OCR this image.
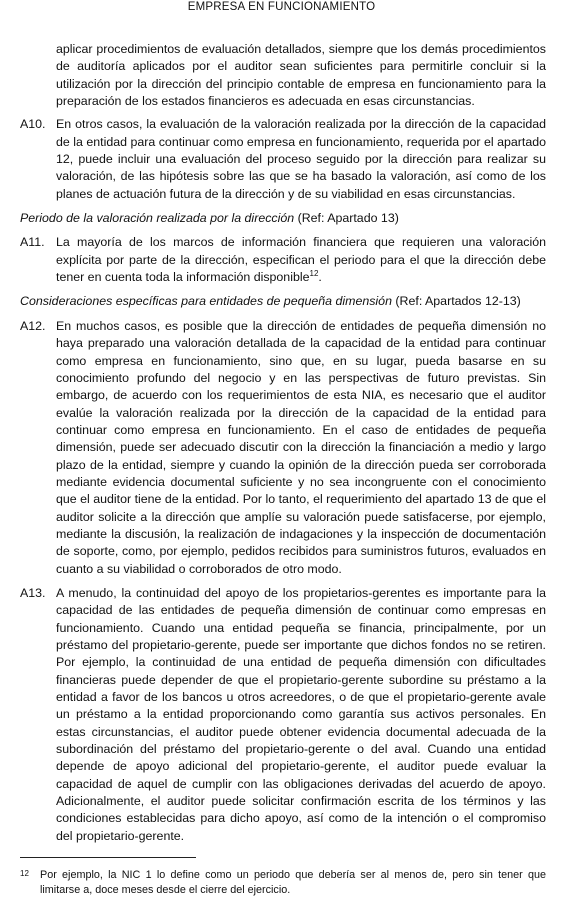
EMPRESA EN FUNCIONAMIENTO

aplicar procedimientos de evaluación detallados, siempre que los demás procedimientos de auditoría aplicados por el auditor sean suficientes para permitirle concluir si la utilización por la dirección del principio contable de empresa en funcionamiento para la preparación de los estados financieros es adecuada en esas circunstancias.

A10. En otros casos, la evaluación de la valoración realizada por la dirección de la capacidad de la entidad para continuar como empresa en funcionamiento, requerida por el apartado 12, puede incluir una evaluación del proceso seguido por la dirección para realizar su valoración, de las hipótesis sobre las que se ha basado la valoración, así como de los planes de actuación futura de la dirección y de su viabilidad en esas circunstancias.
Periodo de la valoración realizada por la dirección (Ref: Apartado 13)
A11. La mayoría de los marcos de información financiera que requieren una valoración explícita por parte de la dirección, especifican el periodo para el que la dirección debe tener en cuenta toda la información disponible$^{12}$.
Consideraciones específicas para entidades de pequeña dimensión (Ref: Apartados 12-13)
A12. En muchos casos, es posible que la dirección de entidades de pequeña dimensión no haya preparado una valoración detallada de la capacidad de la entidad para continuar como empresa en funcionamiento, sino que, en su lugar, pueda basarse en su conocimiento profundo del negocio y en las perspectivas de futuro previstas. Sin embargo, de acuerdo con los requerimientos de esta NIA, es necesario que el auditor evalúe la valoración realizada por la dirección de la capacidad de la entidad para continuar como empresa en funcionamiento. En el caso de entidades de pequeña dimensión, puede ser adecuado discutir con la dirección la financiación a medio y largo plazo de la entidad, siempre y cuando la opinión de la dirección pueda ser corroborada mediante evidencia documental suficiente y no sea incongruente con el conocimiento que el auditor tiene de la entidad. Por lo tanto, el requerimiento del apartado 13 de que el auditor solicite a la dirección que amplíe su valoración puede satisfacerse, por ejemplo, mediante la discusión, la realización de indagaciones y la inspección de documentación de soporte, como, por ejemplo, pedidos recibidos para suministros futuros, evaluados en cuanto a su viabilidad o corroborados de otro modo.
A13. A menudo, la continuidad del apoyo de los propietarios-gerentes es importante para la capacidad de las entidades de pequeña dimensión de continuar como empresas en funcionamiento. Cuando una entidad pequeña se financia, principalmente, por un préstamo del propietario-gerente, puede ser importante que dichos fondos no se retiren. Por ejemplo, la continuidad de una entidad de pequeña dimensión con dificultades financieras puede depender de que el propietario-gerente subordine su préstamo a la entidad a favor de los bancos u otros acreedores, o de que el propietario-gerente avale un préstamo a la entidad proporcionando como garantía sus activos personales. En estas circunstancias, el auditor puede obtener evidencia documental adecuada de la subordinación del préstamo del propietario-gerente o del aval. Cuando una entidad depende de apoyo adicional del propietario-gerente, el auditor puede evaluar la capacidad de aquel de cumplir con las obligaciones derivadas del acuerdo de apoyo. Adicionalmente, el auditor puede solicitar confirmación escrita de los términos y las condiciones establecidas para dicho apoyo, así como de la intención o el compromiso del propietario-gerente.
12	Por ejemplo, la NIC 1 lo define como un periodo que debería ser al menos de, pero sin tener que limitarse a, doce meses desde el cierre del ejercicio.
